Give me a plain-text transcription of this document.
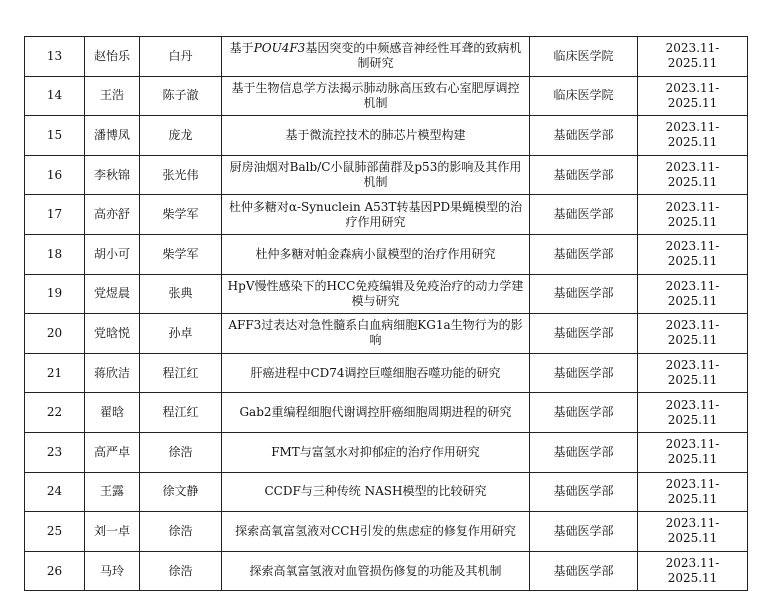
13	赵怡乐	白丹	基于POU4F3基因突变的中频感音神经性耳聋的致病机制研究	临床医学院	2023.11-
2025.11

14	王浩	陈子澈	基于生物信息学方法揭示肺动脉高压致右心室肥厚调控机制	临床医学院	2023.11-
2025.11

15	潘博凤	庞龙	基于微流控技术的肺芯片模型构建	基础医学部	2023.11-
2025.11

16	李秋锦	张光伟	厨房油烟对Balb/C小鼠肺部菌群及p53的影响及其作用机制	基础医学部	2023.11-
2025.11

17	高亦舒	柴学军	杜仲多糖对α-Synuclein A53T转基因PD果蝇模型的治疗作用研究	基础医学部	2023.11-
2025.11

18	胡小可	柴学军	杜仲多糖对帕金森病小鼠模型的治疗作用研究	基础医学部	2023.11-
2025.11

19	党煜晨	张典	HpV慢性感染下的HCC免疫编辑及免疫治疗的动力学建模与研究	基础医学部	2023.11-
2025.11

20	党晗悦	孙卓	AFF3过表达对急性髓系白血病细胞KG1a生物行为的影响	基础医学部	2023.11-
2025.11

21	蒋欣洁	程江红	肝癌进程中CD74调控巨噬细胞吞噬功能的研究	基础医学部	2023.11-
2025.11

22	翟晗	程江红	Gab2重编程细胞代谢调控肝癌细胞周期进程的研究	基础医学部	2023.11-
2025.11

23	高严卓	徐浩	FMT与富氢水对抑郁症的治疗作用研究	基础医学部	2023.11-
2025.11

24	王露	徐文静	CCDF与三种传统 NASH模型的比较研究	基础医学部	2023.11-
2025.11

25	刘一卓	徐浩	探索高氧富氢液对CCH引发的焦虑症的修复作用研究	基础医学部	2023.11-
2025.11

26	马玲	徐浩	探索高氧富氢液对血管损伤修复的功能及其机制	基础医学部	2023.11-
2025.11
